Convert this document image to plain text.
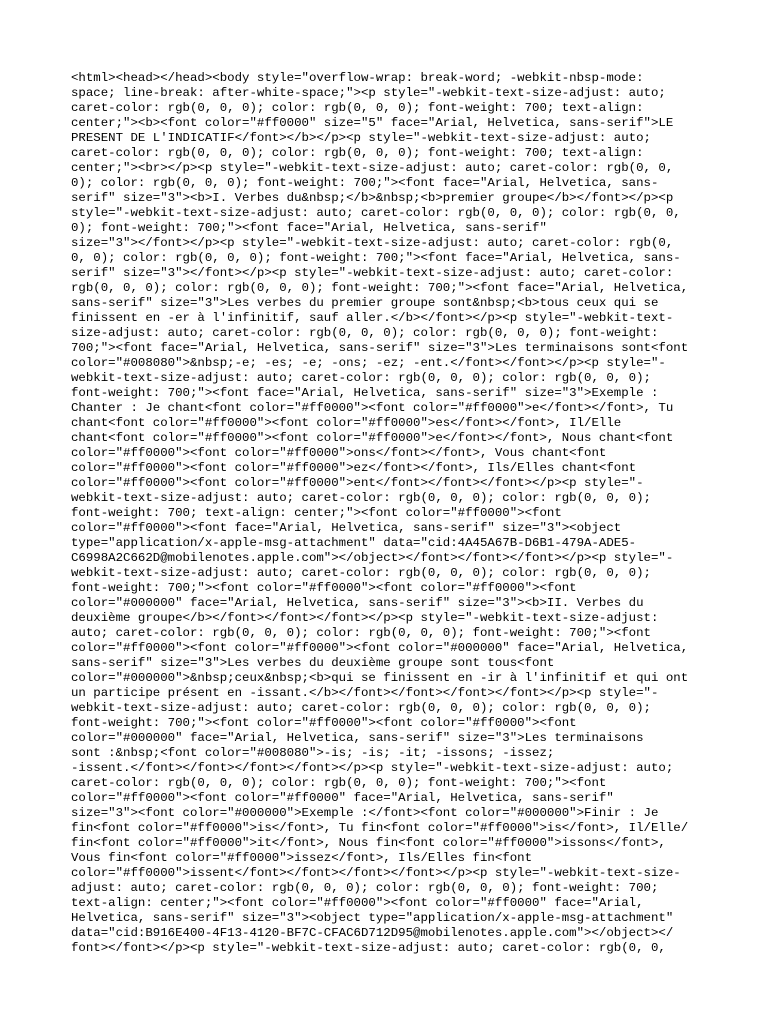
<html><head></head><body style="overflow-wrap: break-word; -webkit-nbsp-mode:
space; line-break: after-white-space;"><p style="-webkit-text-size-adjust: auto;
caret-color: rgb(0, 0, 0); color: rgb(0, 0, 0); font-weight: 700; text-align:
center;"><b><font color="#ff0000" size="5" face="Arial, Helvetica, sans-serif">LE
PRESENT DE L'INDICATIF</font></b></p><p style="-webkit-text-size-adjust: auto;
caret-color: rgb(0, 0, 0); color: rgb(0, 0, 0); font-weight: 700; text-align:
center;"><br></p><p style="-webkit-text-size-adjust: auto; caret-color: rgb(0, 0,
0); color: rgb(0, 0, 0); font-weight: 700;"><font face="Arial, Helvetica, sans-
serif" size="3"><b>I. Verbes du&nbsp;</b>&nbsp;<b>premier groupe</b></font></p><p
style="-webkit-text-size-adjust: auto; caret-color: rgb(0, 0, 0); color: rgb(0, 0,
0); font-weight: 700;"><font face="Arial, Helvetica, sans-serif"
size="3"></font></p><p style="-webkit-text-size-adjust: auto; caret-color: rgb(0,
0, 0); color: rgb(0, 0, 0); font-weight: 700;"><font face="Arial, Helvetica, sans-
serif" size="3"></font></p><p style="-webkit-text-size-adjust: auto; caret-color:
rgb(0, 0, 0); color: rgb(0, 0, 0); font-weight: 700;"><font face="Arial, Helvetica,
sans-serif" size="3">Les verbes du premier groupe sont&nbsp;<b>tous ceux qui se
finissent en -er à l'infinitif, sauf aller.</b></font></p><p style="-webkit-text-
size-adjust: auto; caret-color: rgb(0, 0, 0); color: rgb(0, 0, 0); font-weight:
700;"><font face="Arial, Helvetica, sans-serif" size="3">Les terminaisons sont<font
color="#008080">&nbsp;-e; -es; -e; -ons; -ez; -ent.</font></font></p><p style="-
webkit-text-size-adjust: auto; caret-color: rgb(0, 0, 0); color: rgb(0, 0, 0);
font-weight: 700;"><font face="Arial, Helvetica, sans-serif" size="3">Exemple :
Chanter : Je chant<font color="#ff0000"><font color="#ff0000">e</font></font>, Tu
chant<font color="#ff0000"><font color="#ff0000">es</font></font>, Il/Elle
chant<font color="#ff0000"><font color="#ff0000">e</font></font>, Nous chant<font
color="#ff0000"><font color="#ff0000">ons</font></font>, Vous chant<font
color="#ff0000"><font color="#ff0000">ez</font></font>, Ils/Elles chant<font
color="#ff0000"><font color="#ff0000">ent</font></font></font></p><p style="-
webkit-text-size-adjust: auto; caret-color: rgb(0, 0, 0); color: rgb(0, 0, 0);
font-weight: 700; text-align: center;"><font color="#ff0000"><font
color="#ff0000"><font face="Arial, Helvetica, sans-serif" size="3"><object
type="application/x-apple-msg-attachment" data="cid:4A45A67B-D6B1-479A-ADE5-
C6998A2C662D@mobilenotes.apple.com"></object></font></font></font></p><p style="-
webkit-text-size-adjust: auto; caret-color: rgb(0, 0, 0); color: rgb(0, 0, 0);
font-weight: 700;"><font color="#ff0000"><font color="#ff0000"><font
color="#000000" face="Arial, Helvetica, sans-serif" size="3"><b>II. Verbes du
deuxième groupe</b></font></font></font></p><p style="-webkit-text-size-adjust:
auto; caret-color: rgb(0, 0, 0); color: rgb(0, 0, 0); font-weight: 700;"><font
color="#ff0000"><font color="#ff0000"><font color="#000000" face="Arial, Helvetica,
sans-serif" size="3">Les verbes du deuxième groupe sont tous<font
color="#000000">&nbsp;ceux&nbsp;<b>qui se finissent en -ir à l'infinitif et qui ont
un participe présent en -issant.</b></font></font></font></font></p><p style="-
webkit-text-size-adjust: auto; caret-color: rgb(0, 0, 0); color: rgb(0, 0, 0);
font-weight: 700;"><font color="#ff0000"><font color="#ff0000"><font
color="#000000" face="Arial, Helvetica, sans-serif" size="3">Les terminaisons
sont :&nbsp;<font color="#008080">-is; -is; -it; -issons; -issez;
-issent.</font></font></font></font></p><p style="-webkit-text-size-adjust: auto;
caret-color: rgb(0, 0, 0); color: rgb(0, 0, 0); font-weight: 700;"><font
color="#ff0000"><font color="#ff0000" face="Arial, Helvetica, sans-serif"
size="3"><font color="#000000">Exemple :</font><font color="#000000">Finir : Je
fin<font color="#ff0000">is</font>, Tu fin<font color="#ff0000">is</font>, Il/Elle/
fin<font color="#ff0000">it</font>, Nous fin<font color="#ff0000">issons</font>,
Vous fin<font color="#ff0000">issez</font>, Ils/Elles fin<font
color="#ff0000">issent</font></font></font></font></p><p style="-webkit-text-size-
adjust: auto; caret-color: rgb(0, 0, 0); color: rgb(0, 0, 0); font-weight: 700;
text-align: center;"><font color="#ff0000"><font color="#ff0000" face="Arial,
Helvetica, sans-serif" size="3"><object type="application/x-apple-msg-attachment"
data="cid:B916E400-4F13-4120-BF7C-CFAC6D712D95@mobilenotes.apple.com"></object></
font></font></p><p style="-webkit-text-size-adjust: auto; caret-color: rgb(0, 0,
